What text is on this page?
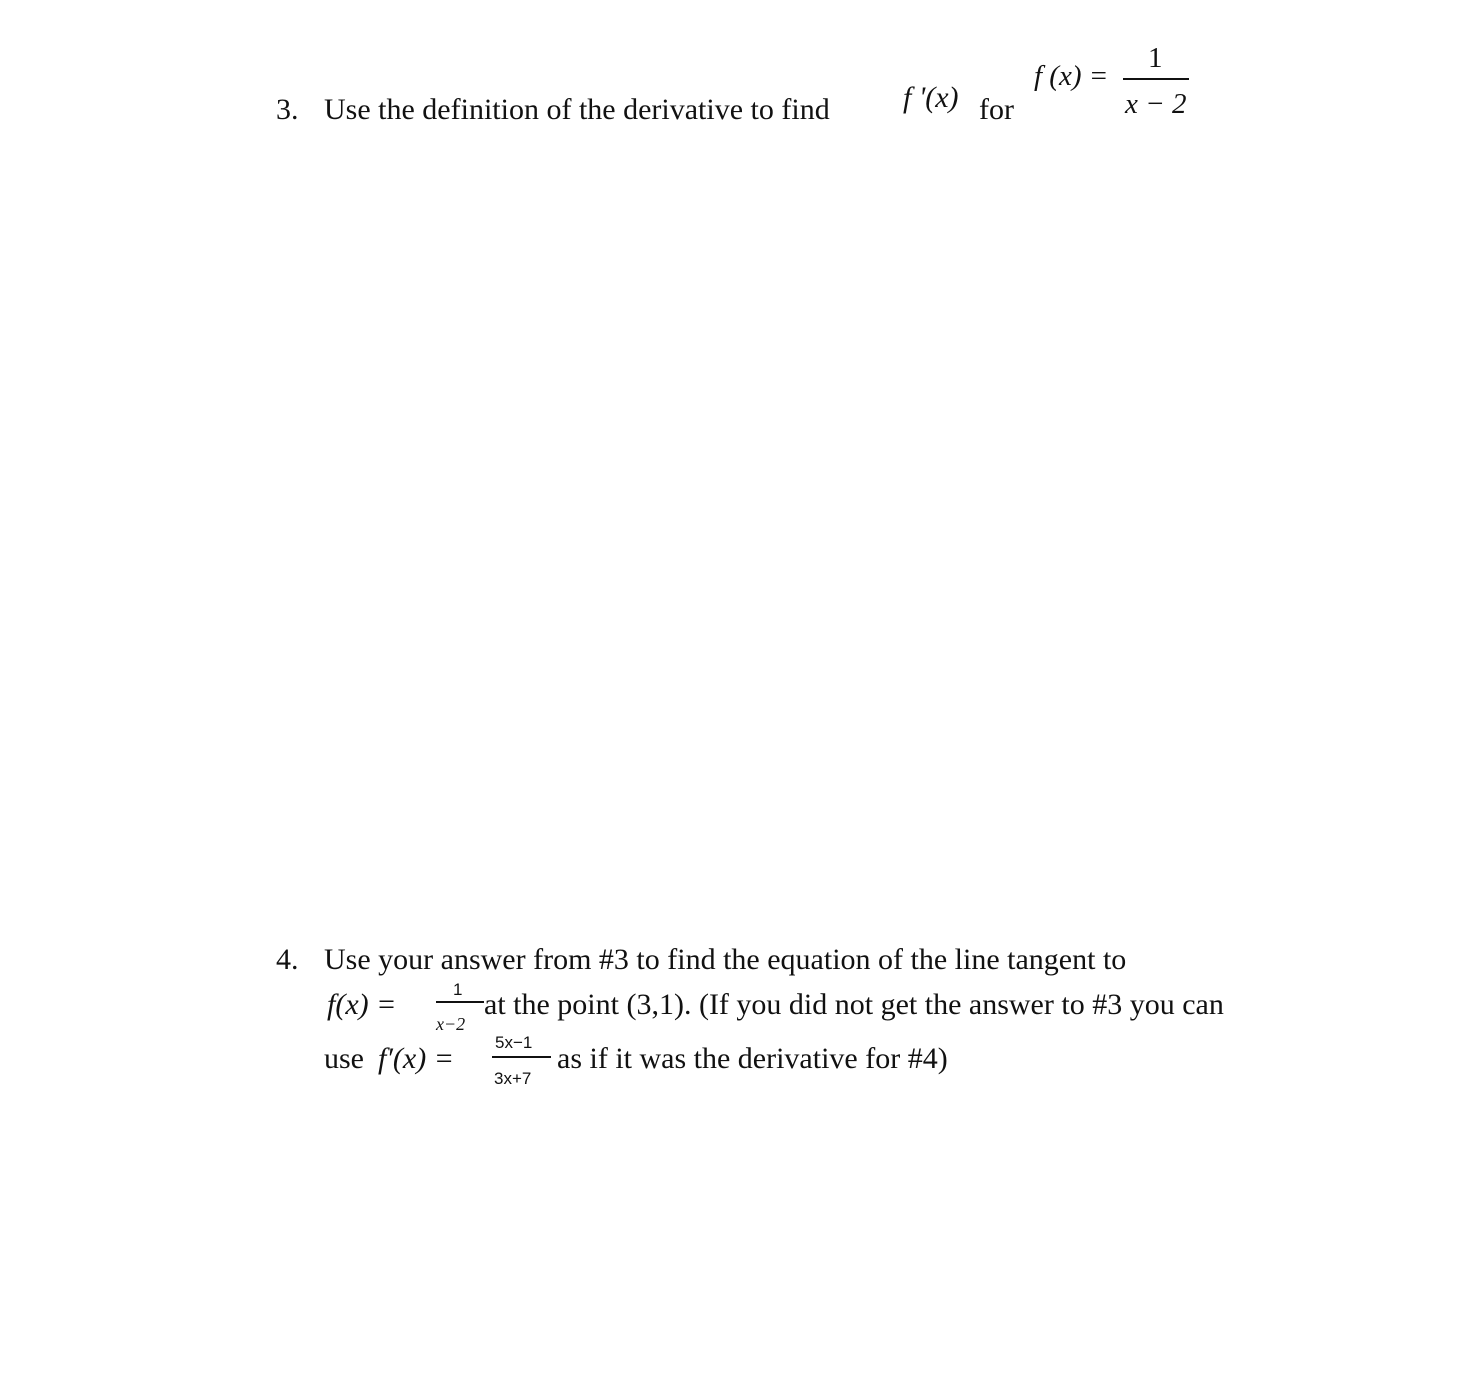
3. Use the definition of the derivative to find f '(x) for
f (x) =
1
x − 2
4. Use your answer from #3 to find the equation of the line tangent to
f(x) =	1
x−2
at the point (3,1). (If you did not get the answer to #3 you can
use f′(x) = 5x−1
3x+7
as if it was the derivative for #4)
